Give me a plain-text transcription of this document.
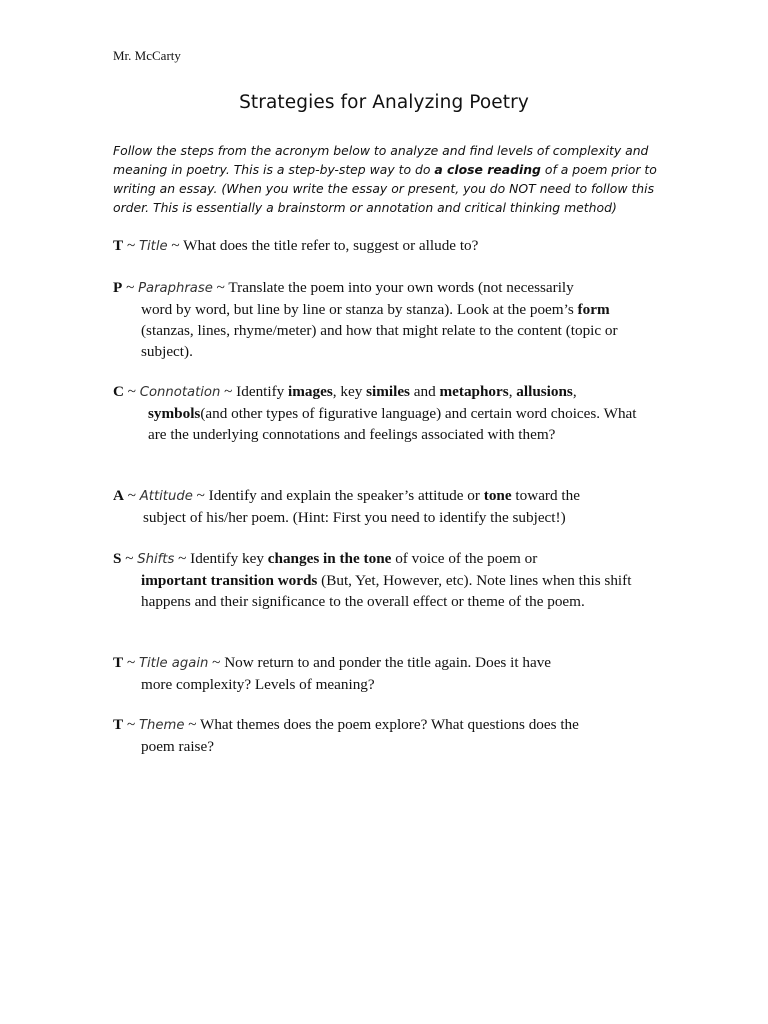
Mr. McCarty
Strategies for Analyzing Poetry
Follow the steps from the acronym below to analyze and find levels of complexity and meaning in poetry. This is a step-by-step way to do a close reading of a poem prior to writing an essay. (When you write the essay or present, you do NOT need to follow this order. This is essentially a brainstorm or annotation and critical thinking method)
T ~ Title ~ What does the title refer to, suggest or allude to?
P ~ Paraphrase ~ Translate the poem into your own words (not necessarily
word by word, but line by line or stanza by stanza). Look at the poem’s form (stanzas, lines, rhyme/meter) and how that might relate to the content (topic or subject).
C ~ Connotation ~ Identify images, key similes and metaphors, allusions,
symbols(and other types of figurative language) and certain word choices. What are the underlying connotations and feelings associated with them?
A ~ Attitude ~ Identify and explain the speaker’s attitude or tone toward the
subject of his/her poem. (Hint: First you need to identify the subject!)
S ~ Shifts ~ Identify key changes in the tone of voice of the poem or
important transition words (But, Yet, However, etc). Note lines when this shift happens and their significance to the overall effect or theme of the poem.
T ~ Title again ~ Now return to and ponder the title again. Does it have
more complexity? Levels of meaning?
T ~ Theme ~ What themes does the poem explore? What questions does the
poem raise?
